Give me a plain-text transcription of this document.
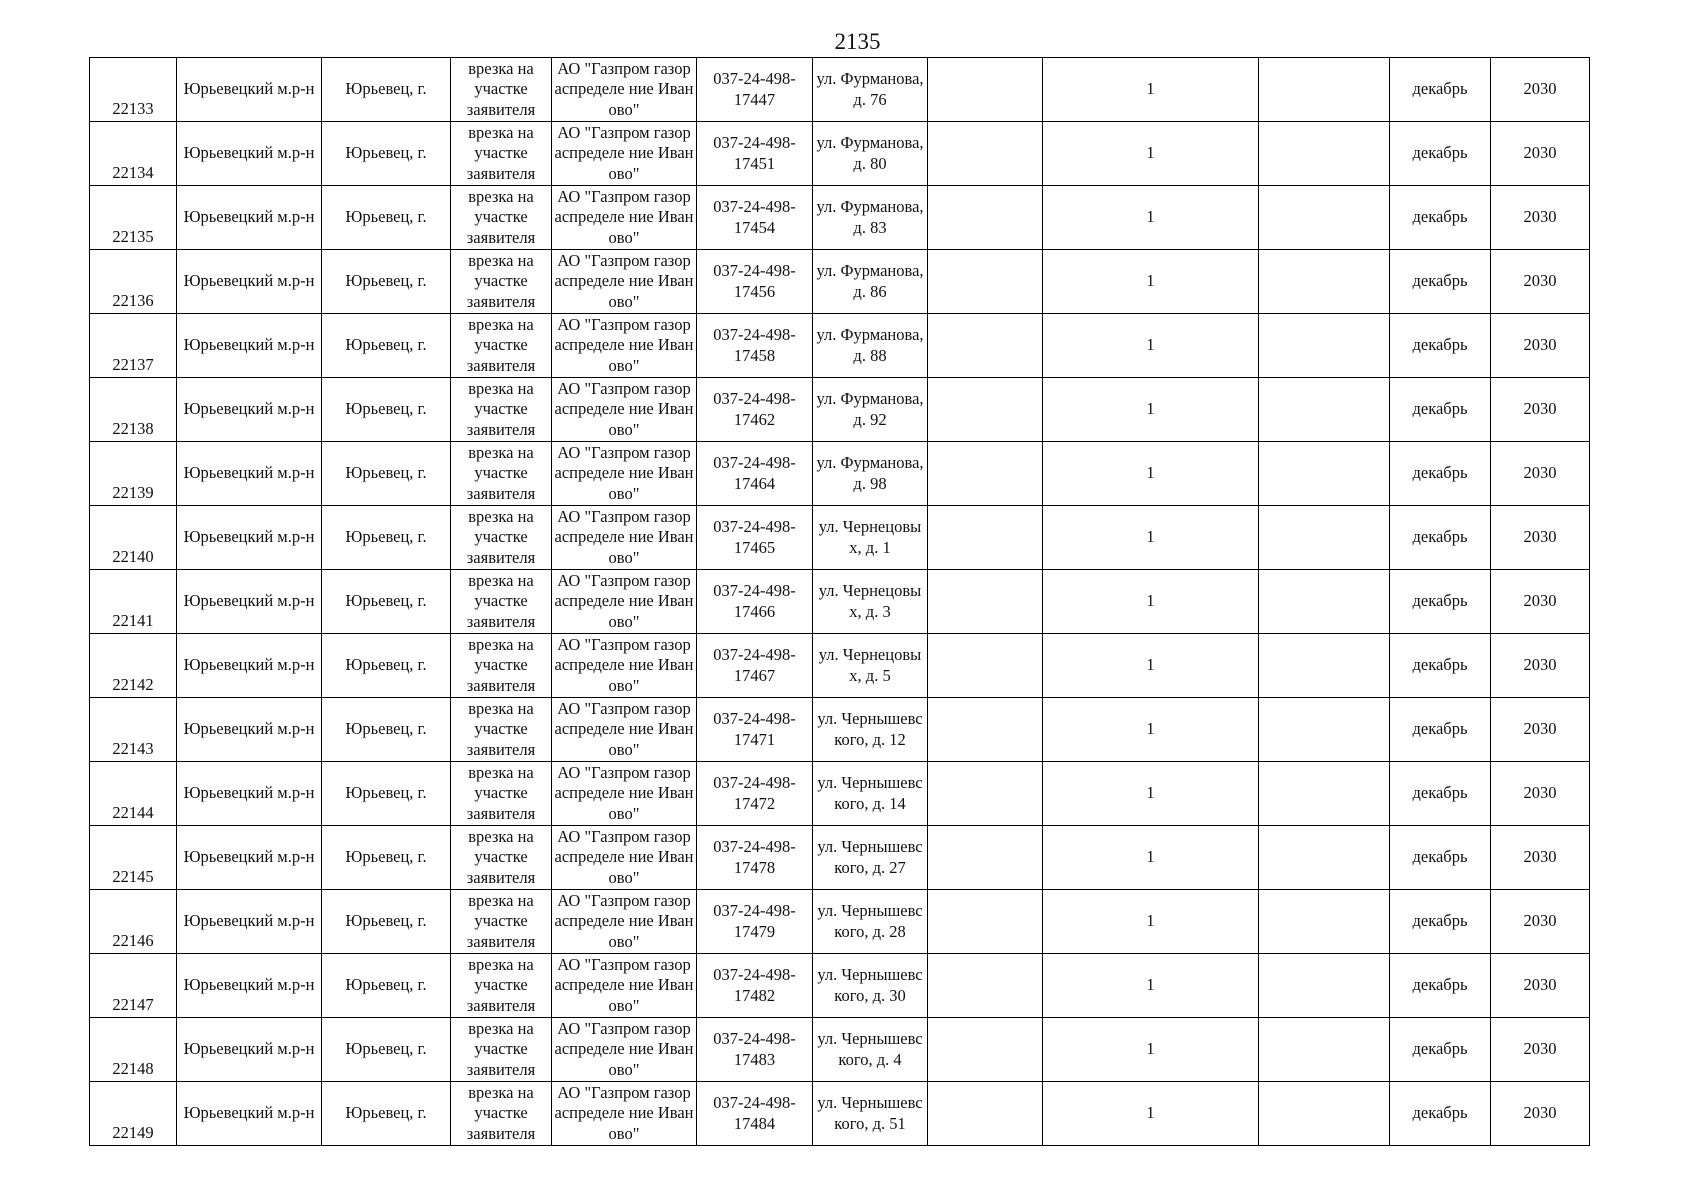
2135
22133	Юрьевецкий м.р-н	Юрьевец, г.	врезка на участке заявителя	АО "Газпром газораспределе ние Иваново"	037-24-498-17447	ул. Фурманова, д. 76		1		декабрь	2030

22134	Юрьевецкий м.р-н	Юрьевец, г.	врезка на участке заявителя	АО "Газпром газораспределе ние Иваново"	037-24-498-17451	ул. Фурманова, д. 80		1		декабрь	2030

22135	Юрьевецкий м.р-н	Юрьевец, г.	врезка на участке заявителя	АО "Газпром газораспределе ние Иваново"	037-24-498-17454	ул. Фурманова, д. 83		1		декабрь	2030

22136	Юрьевецкий м.р-н	Юрьевец, г.	врезка на участке заявителя	АО "Газпром газораспределе ние Иваново"	037-24-498-17456	ул. Фурманова, д. 86		1		декабрь	2030

22137	Юрьевецкий м.р-н	Юрьевец, г.	врезка на участке заявителя	АО "Газпром газораспределе ние Иваново"	037-24-498-17458	ул. Фурманова, д. 88		1		декабрь	2030

22138	Юрьевецкий м.р-н	Юрьевец, г.	врезка на участке заявителя	АО "Газпром газораспределе ние Иваново"	037-24-498-17462	ул. Фурманова, д. 92		1		декабрь	2030

22139	Юрьевецкий м.р-н	Юрьевец, г.	врезка на участке заявителя	АО "Газпром газораспределе ние Иваново"	037-24-498-17464	ул. Фурманова, д. 98		1		декабрь	2030

22140	Юрьевецкий м.р-н	Юрьевец, г.	врезка на участке заявителя	АО "Газпром газораспределе ние Иваново"	037-24-498-17465	ул. Чернецовы х, д. 1		1		декабрь	2030

22141	Юрьевецкий м.р-н	Юрьевец, г.	врезка на участке заявителя	АО "Газпром газораспределе ние Иваново"	037-24-498-17466	ул. Чернецовы х, д. 3		1		декабрь	2030

22142	Юрьевецкий м.р-н	Юрьевец, г.	врезка на участке заявителя	АО "Газпром газораспределе ние Иваново"	037-24-498-17467	ул. Чернецовы х, д. 5		1		декабрь	2030

22143	Юрьевецкий м.р-н	Юрьевец, г.	врезка на участке заявителя	АО "Газпром газораспределе ние Иваново"	037-24-498-17471	ул. Чернышевс кого, д. 12		1		декабрь	2030

22144	Юрьевецкий м.р-н	Юрьевец, г.	врезка на участке заявителя	АО "Газпром газораспределе ние Иваново"	037-24-498-17472	ул. Чернышевс кого, д. 14		1		декабрь	2030

22145	Юрьевецкий м.р-н	Юрьевец, г.	врезка на участке заявителя	АО "Газпром газораспределе ние Иваново"	037-24-498-17478	ул. Чернышевс кого, д. 27		1		декабрь	2030

22146	Юрьевецкий м.р-н	Юрьевец, г.	врезка на участке заявителя	АО "Газпром газораспределе ние Иваново"	037-24-498-17479	ул. Чернышевс кого, д. 28		1		декабрь	2030

22147	Юрьевецкий м.р-н	Юрьевец, г.	врезка на участке заявителя	АО "Газпром газораспределе ние Иваново"	037-24-498-17482	ул. Чернышевс кого, д. 30		1		декабрь	2030

22148	Юрьевецкий м.р-н	Юрьевец, г.	врезка на участке заявителя	АО "Газпром газораспределе ние Иваново"	037-24-498-17483	ул. Чернышевс кого, д. 4		1		декабрь	2030

22149	Юрьевецкий м.р-н	Юрьевец, г.	врезка на участке заявителя	АО "Газпром газораспределе ние Иваново"	037-24-498-17484	ул. Чернышевс кого, д. 51		1		декабрь	2030
